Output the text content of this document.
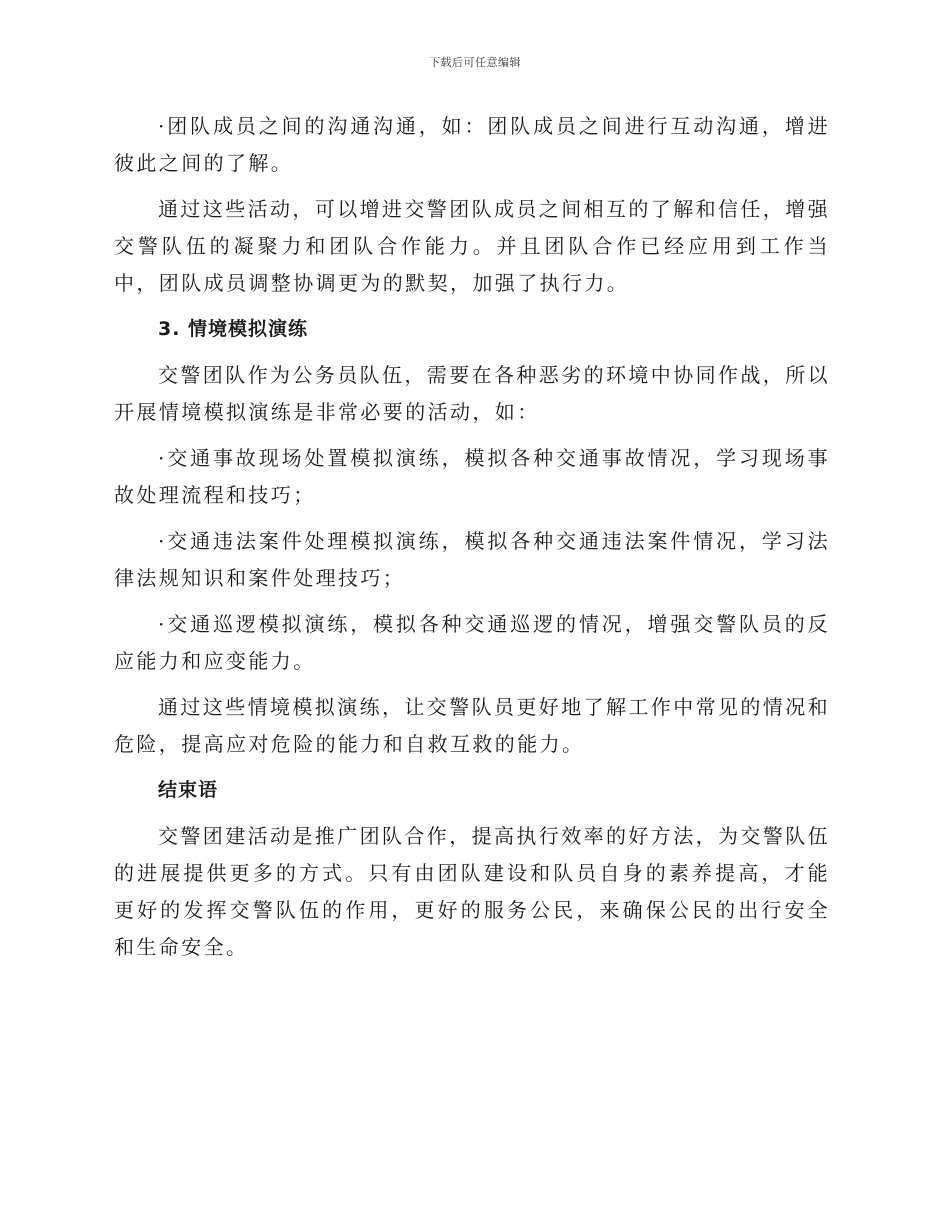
下载后可任意编辑

·团队成员之间的沟通沟通，如：团队成员之间进行互动沟通，增进彼此之间的了解。

通过这些活动，可以增进交警团队成员之间相互的了解和信任，增强交警队伍的凝聚力和团队合作能力。并且团队合作已经应用到工作当中，团队成员调整协调更为的默契，加强了执行力。

3. 情境模拟演练

交警团队作为公务员队伍，需要在各种恶劣的环境中协同作战，所以开展情境模拟演练是非常必要的活动，如：

·交通事故现场处置模拟演练，模拟各种交通事故情况，学习现场事故处理流程和技巧；

·交通违法案件处理模拟演练，模拟各种交通违法案件情况，学习法律法规知识和案件处理技巧；

·交通巡逻模拟演练，模拟各种交通巡逻的情况，增强交警队员的反应能力和应变能力。

通过这些情境模拟演练，让交警队员更好地了解工作中常见的情况和危险，提高应对危险的能力和自救互救的能力。

结束语

交警团建活动是推广团队合作，提高执行效率的好方法，为交警队伍的进展提供更多的方式。只有由团队建设和队员自身的素养提高，才能更好的发挥交警队伍的作用，更好的服务公民，来确保公民的出行安全和生命安全。
